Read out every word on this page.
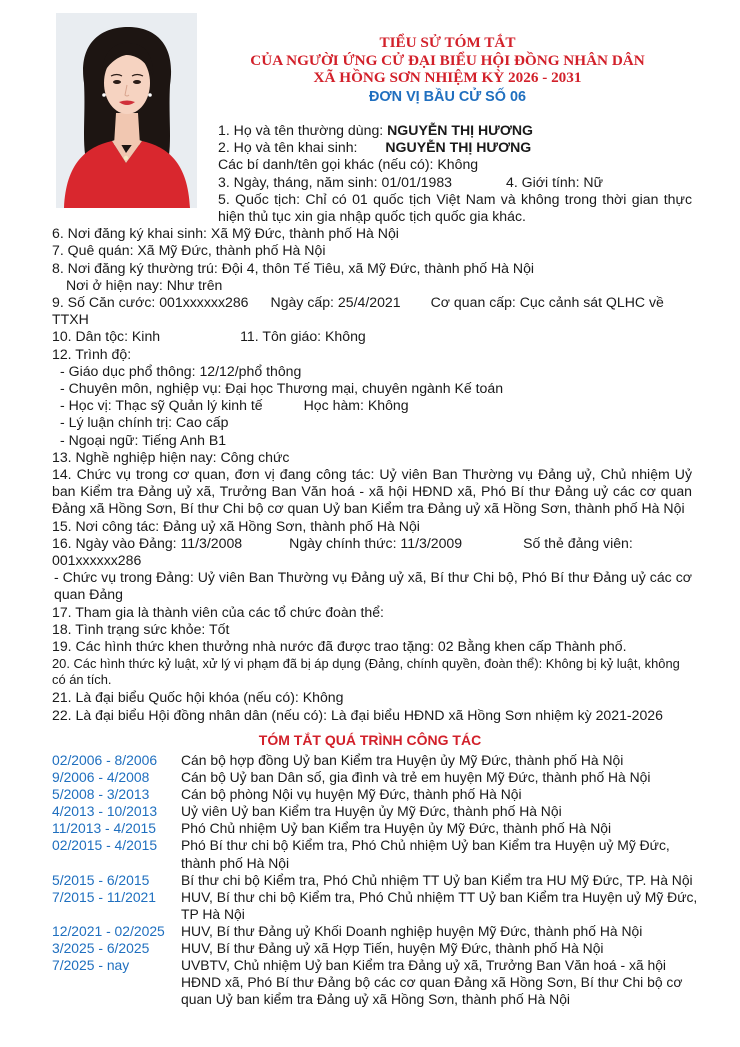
TIỂU SỬ TÓM TẮT
CỦA NGƯỜI ỨNG CỬ ĐẠI BIỂU HỘI ĐỒNG NHÂN DÂN
XÃ HỒNG SƠN NHIỆM KỲ 2026 - 2031
ĐƠN VỊ BẦU CỬ SỐ 06
1. Họ và tên thường dùng: NGUYỄN THỊ HƯƠNG
2. Họ và tên khai sinh: NGUYỄN THỊ HƯƠNG
Các bí danh/tên gọi khác (nếu có): Không
3. Ngày, tháng, năm sinh: 01/01/1983	4. Giới tính: Nữ
5. Quốc tịch: Chỉ có 01 quốc tịch Việt Nam và không trong thời gian thực hiện thủ tục xin gia nhập quốc tịch quốc gia khác.
6. Nơi đăng ký khai sinh: Xã Mỹ Đức, thành phố Hà Nội
7. Quê quán: Xã Mỹ Đức, thành phố Hà Nội
8. Nơi đăng ký thường trú: Đội 4, thôn Tế Tiêu, xã Mỹ Đức, thành phố Hà Nội
Nơi ở hiện nay: Như trên
9. Số Căn cước: 001xxxxxx286 Ngày cấp: 25/4/2021 Cơ quan cấp: Cục cảnh sát QLHC về TTXH
10. Dân tộc: Kinh	11. Tôn giáo: Không
12. Trình độ:
- Giáo dục phổ thông: 12/12/phổ thông
- Chuyên môn, nghiệp vụ: Đại học Thương mại, chuyên ngành Kế toán
- Học vị: Thạc sỹ Quản lý kinh tế	Học hàm: Không
- Lý luận chính trị: Cao cấp
- Ngoại ngữ: Tiếng Anh B1
13. Nghề nghiệp hiện nay: Công chức
14. Chức vụ trong cơ quan, đơn vị đang công tác: Uỷ viên Ban Thường vụ Đảng uỷ, Chủ nhiệm Uỷ ban Kiểm tra Đảng uỷ xã, Trưởng Ban Văn hoá - xã hội HĐND xã, Phó Bí thư Đảng uỷ các cơ quan Đảng xã Hồng Sơn, Bí thư Chi bộ cơ quan Uỷ ban Kiểm tra Đảng uỷ xã Hồng Sơn, thành phố Hà Nội
15. Nơi công tác: Đảng uỷ xã Hồng Sơn, thành phố Hà Nội
16. Ngày vào Đảng: 11/3/2008	Ngày chính thức: 11/3/2009	Số thẻ đảng viên:
001xxxxxx286
- Chức vụ trong Đảng: Uỷ viên Ban Thường vụ Đảng uỷ xã, Bí thư Chi bộ, Phó Bí thư Đảng uỷ các cơ quan Đảng
17. Tham gia là thành viên của các tổ chức đoàn thể:
18. Tình trạng sức khỏe: Tốt
19. Các hình thức khen thưởng nhà nước đã được trao tặng: 02 Bằng khen cấp Thành phố.
20. Các hình thức kỷ luật, xử lý vi phạm đã bị áp dụng (Đảng, chính quyền, đoàn thể): Không bị kỷ luật, không có án tích.
21. Là đại biểu Quốc hội khóa (nếu có): Không
22. Là đại biểu Hội đồng nhân dân (nếu có): Là đại biểu HĐND xã Hồng Sơn nhiệm kỳ 2021-2026
TÓM TẮT QUÁ TRÌNH CÔNG TÁC
02/2006 - 8/2006	Cán bộ hợp đồng Uỷ ban Kiểm tra Huyện ủy Mỹ Đức, thành phố Hà Nội
9/2006 - 4/2008	Cán bộ Uỷ ban Dân số, gia đình và trẻ em huyện Mỹ Đức, thành phố Hà Nội
5/2008 - 3/2013	Cán bộ phòng Nội vụ huyện Mỹ Đức, thành phố Hà Nội
4/2013 - 10/2013	Uỷ viên Uỷ ban Kiểm tra Huyện ủy Mỹ Đức, thành phố Hà Nội
11/2013 - 4/2015	Phó Chủ nhiệm Uỷ ban Kiểm tra Huyện ủy Mỹ Đức, thành phố Hà Nội
02/2015 - 4/2015	Phó Bí thư chi bộ Kiểm tra, Phó Chủ nhiệm Uỷ ban Kiểm tra Huyện uỷ Mỹ Đức, thành phố Hà Nội
5/2015 - 6/2015	Bí thư chi bộ Kiểm tra, Phó Chủ nhiệm TT Uỷ ban Kiểm tra HU Mỹ Đức, TP. Hà Nội
7/2015 - 11/2021	HUV, Bí thư chi bộ Kiểm tra, Phó Chủ nhiệm TT Uỷ ban Kiểm tra Huyện uỷ Mỹ Đức, TP Hà Nội
12/2021 - 02/2025	HUV, Bí thư Đảng uỷ Khối Doanh nghiệp huyện Mỹ Đức, thành phố Hà Nội
3/2025 - 6/2025	HUV, Bí thư Đảng uỷ xã Hợp Tiến, huyện Mỹ Đức, thành phố Hà Nội
7/2025 - nay	UVBTV, Chủ nhiệm Uỷ ban Kiểm tra Đảng uỷ xã, Trưởng Ban Văn hoá - xã hội HĐND xã, Phó Bí thư Đảng bộ các cơ quan Đảng xã Hồng Sơn, Bí thư Chi bộ cơ quan Uỷ ban kiểm tra Đảng uỷ xã Hồng Sơn, thành phố Hà Nội
